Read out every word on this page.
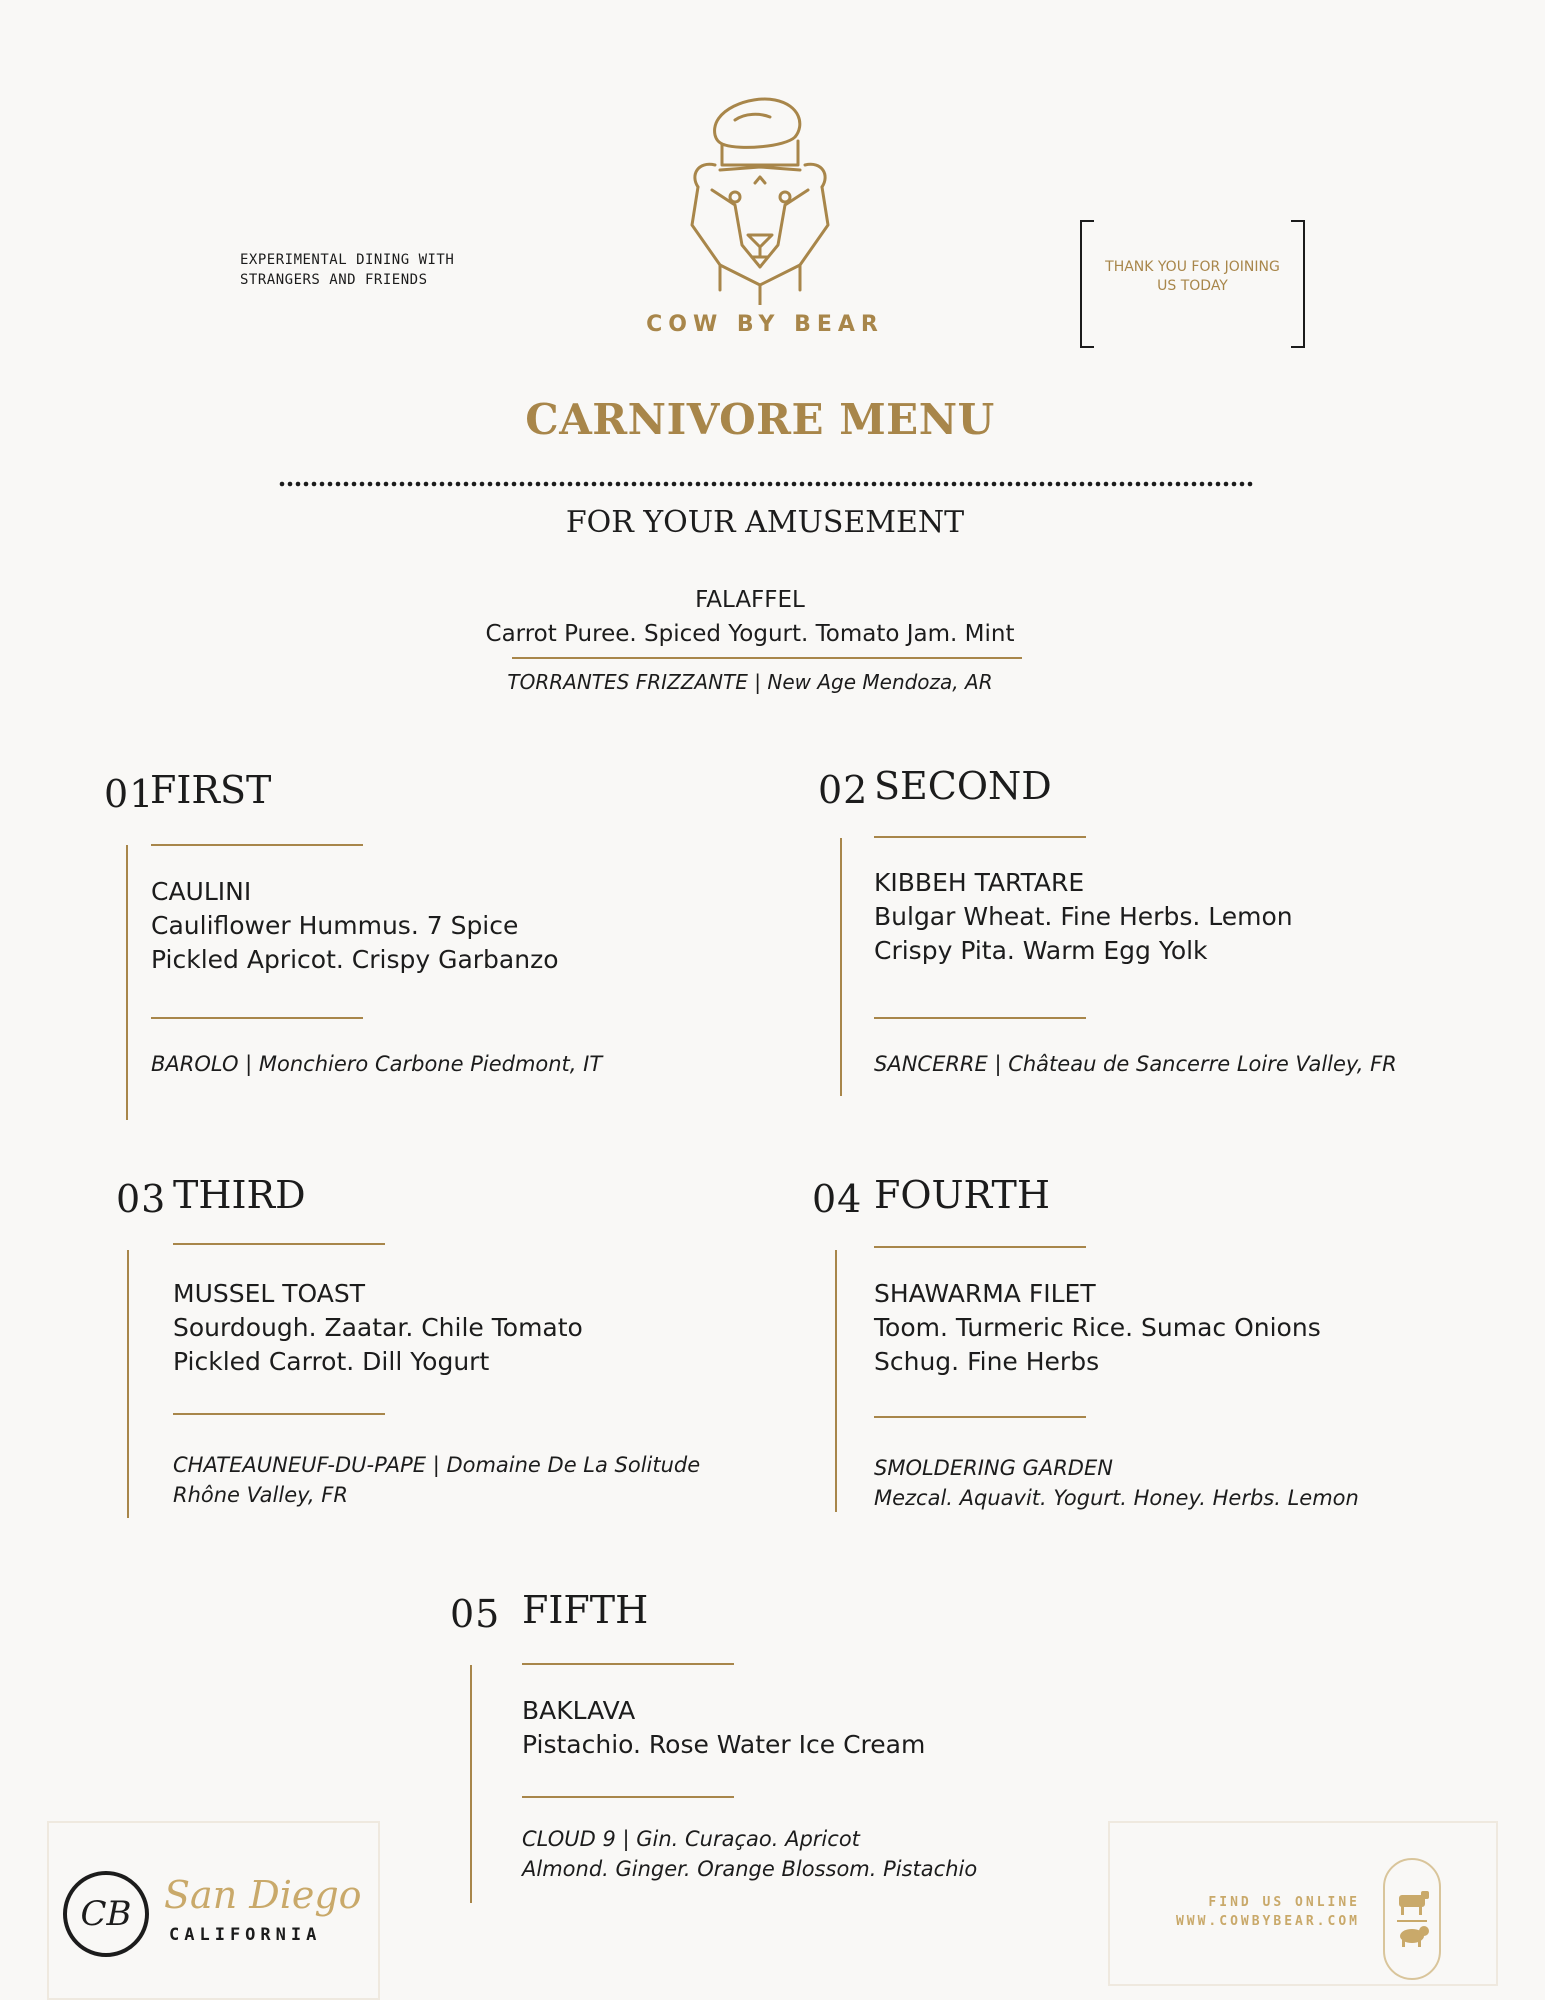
EXPERIMENTAL DINING WITH STRANGERS AND FRIENDS
COW BY BEAR
THANK YOU FOR JOINING US TODAY
CARNIVORE MENU
FOR YOUR AMUSEMENT
FALAFFEL
Carrot Puree. Spiced Yogurt. Tomato Jam. Mint
TORRANTES FRIZZANTE | New Age Mendoza, AR
01
FIRST
CAULINI
Cauliflower Hummus. 7 Spice
Pickled Apricot. Crispy Garbanzo
BAROLO | Monchiero Carbone Piedmont, IT
02 SECOND
KIBBEH TARTARE
Bulgar Wheat. Fine Herbs. Lemon
Crispy Pita. Warm Egg Yolk
SANCERRE | Château de Sancerre Loire Valley, FR
03 THIRD
MUSSEL TOAST
Sourdough. Zaatar. Chile Tomato
Pickled Carrot. Dill Yogurt
CHATEAUNEUF-DU-PAPE | Domaine De La Solitude
Rhône Valley, FR
04 FOURTH
SHAWARMA FILET
Toom. Turmeric Rice. Sumac Onions
Schug. Fine Herbs
SMOLDERING GARDEN
Mezcal. Aquavit. Yogurt. Honey. Herbs. Lemon
05 FIFTH
BAKLAVA
Pistachio. Rose Water Ice Cream
CLOUD 9 | Gin. Curaçao. Apricot
Almond. Ginger. Orange Blossom. Pistachio
CB San Diego
CALIFORNIA
FIND US ONLINE
WWW.COWBYBEAR.COM
